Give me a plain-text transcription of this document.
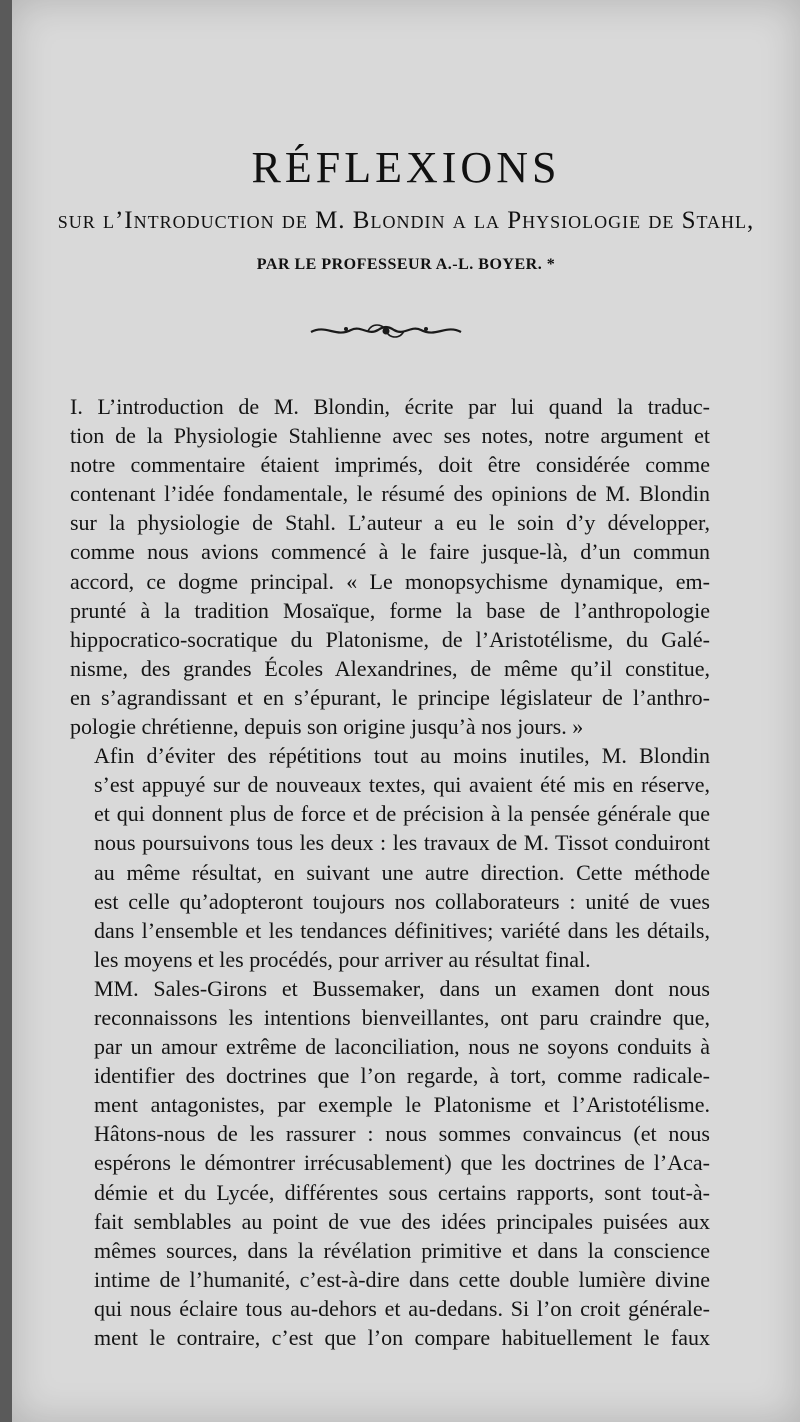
RÉFLEXIONS
sur l’Introduction de M. Blondin a la Physiologie de Stahl,
PAR LE PROFESSEUR A.-L. BOYER. *

I. L’introduction de M. Blondin, écrite par lui quand la traduc-
tion de la Physiologie Stahlienne avec ses notes, notre argument et
notre commentaire étaient imprimés, doit être considérée comme
contenant l’idée fondamentale, le résumé des opinions de M. Blondin
sur la physiologie de Stahl. L’auteur a eu le soin d’y développer,
comme nous avions commencé à le faire jusque-là, d’un commun
accord, ce dogme principal. « Le monopsychisme dynamique, em-
prunté à la tradition Mosaïque, forme la base de l’anthropologie
hippocratico-socratique du Platonisme, de l’Aristotélisme, du Galé-
nisme, des grandes Écoles Alexandrines, de même qu’il constitue,
en s’agrandissant et en s’épurant, le principe législateur de l’anthro-
pologie chrétienne, depuis son origine jusqu’à nos jours. »

Afin d’éviter des répétitions tout au moins inutiles, M. Blondin
s’est appuyé sur de nouveaux textes, qui avaient été mis en réserve,
et qui donnent plus de force et de précision à la pensée générale que
nous poursuivons tous les deux : les travaux de M. Tissot conduiront
au même résultat, en suivant une autre direction. Cette méthode
est celle qu’adopteront toujours nos collaborateurs : unité de vues
dans l’ensemble et les tendances définitives; variété dans les détails,
les moyens et les procédés, pour arriver au résultat final.

MM. Sales-Girons et Bussemaker, dans un examen dont nous
reconnaissons les intentions bienveillantes, ont paru craindre que,
par un amour extrême de laconciliation, nous ne soyons conduits à
identifier des doctrines que l’on regarde, à tort, comme radicale-
ment antagonistes, par exemple le Platonisme et l’Aristotélisme.
Hâtons-nous de les rassurer : nous sommes convaincus (et nous
espérons le démontrer irrécusablement) que les doctrines de l’Aca-
démie et du Lycée, différentes sous certains rapports, sont tout-à-
fait semblables au point de vue des idées principales puisées aux
mêmes sources, dans la révélation primitive et dans la conscience
intime de l’humanité, c’est-à-dire dans cette double lumière divine
qui nous éclaire tous au-dehors et au-dedans. Si l’on croit générale-
ment le contraire, c’est que l’on compare habituellement le faux
